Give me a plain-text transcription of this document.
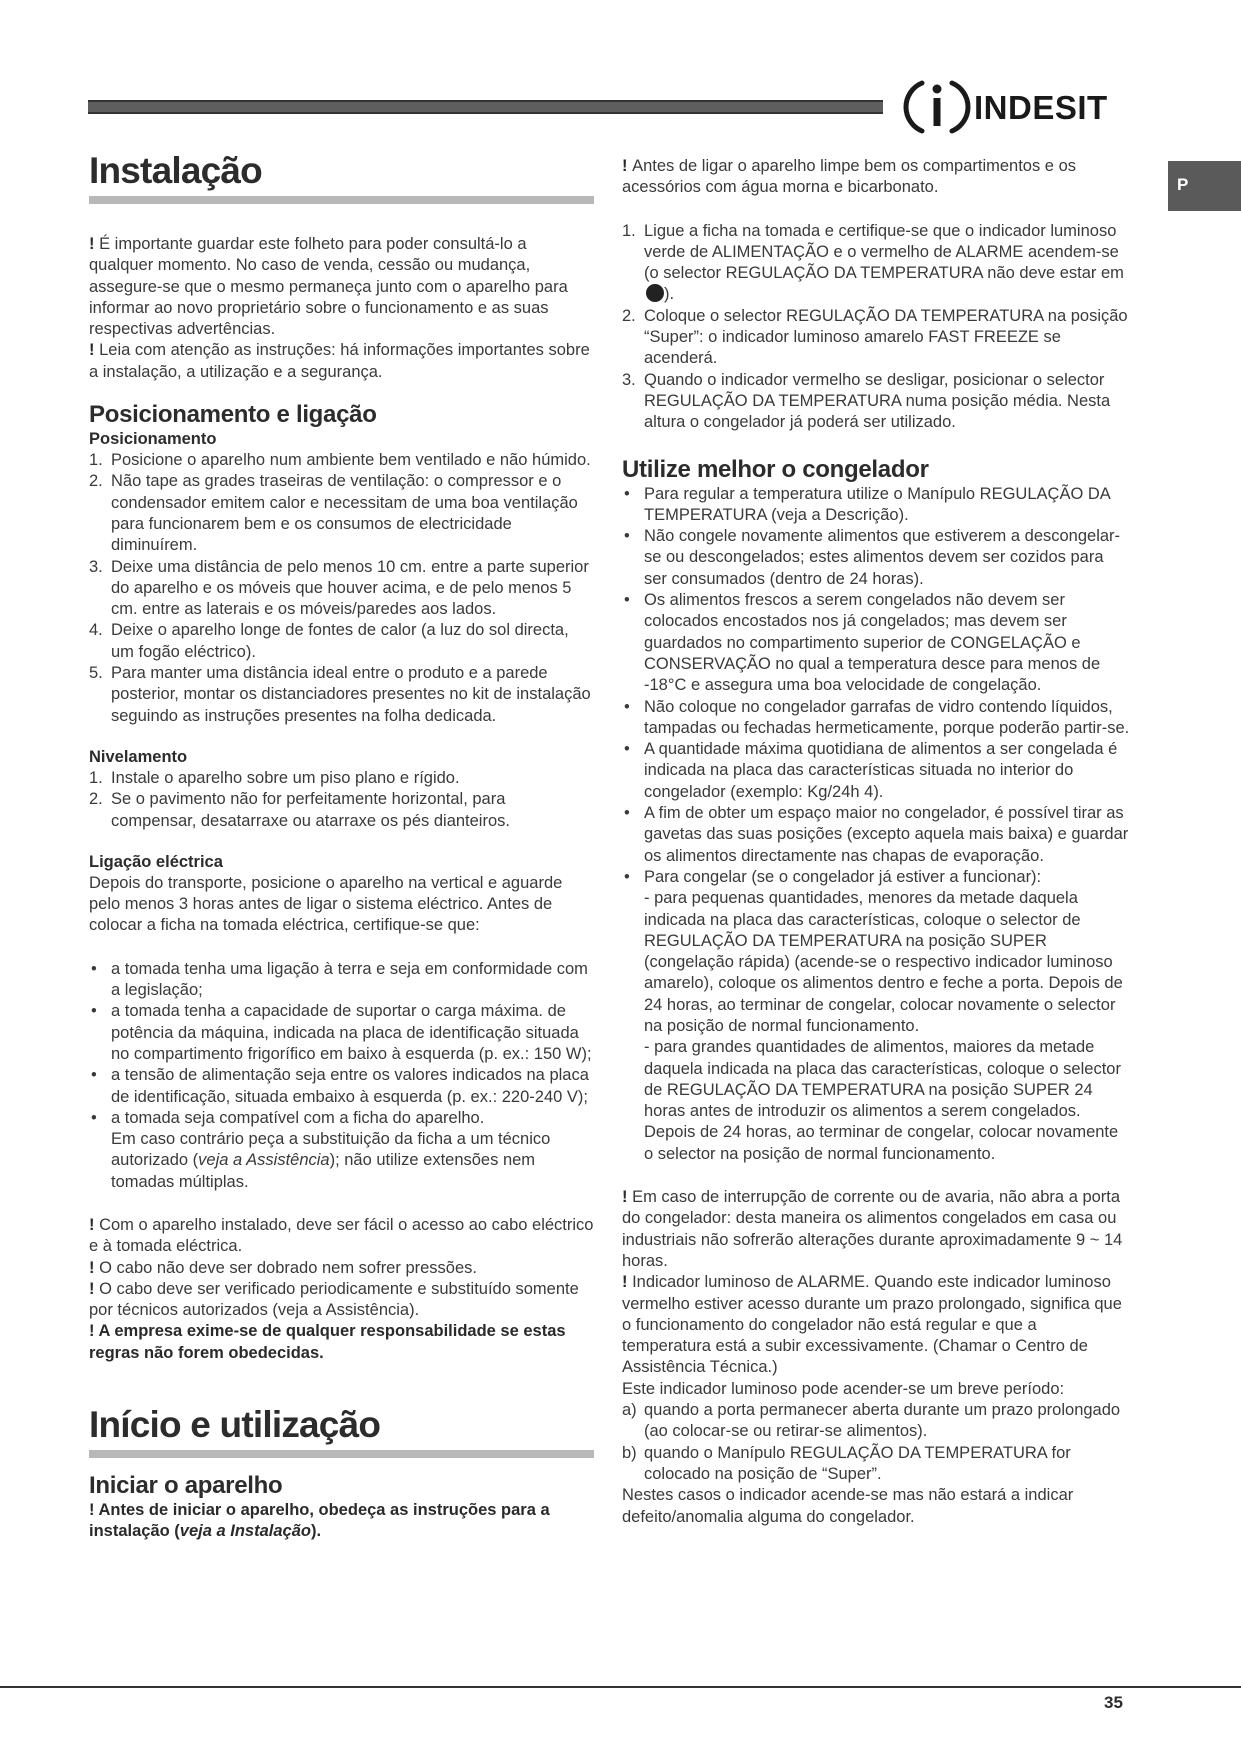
INDESIT
P
Instalação

! É importante guardar este folheto para poder consultá-lo a qualquer momento. No caso de venda, cessão ou mudança, assegure-se que o mesmo permaneça junto com o aparelho para informar ao novo proprietário sobre o funcionamento e as suas respectivas advertências.

! Leia com atenção as instruções: há informações importantes sobre a instalação, a utilização e a segurança.

Posicionamento e ligação
Posicionamento
1. Posicione o aparelho num ambiente bem ventilado e não húmido.
2. Não tape as grades traseiras de ventilação: o compressor e o condensador emitem calor e necessitam de uma boa ventilação para funcionarem bem e os consumos de electricidade diminuírem.
3. Deixe uma distância de pelo menos 10 cm. entre a parte superior do aparelho e os móveis que houver acima, e de pelo menos 5 cm. entre as laterais e os móveis/paredes aos lados.
4. Deixe o aparelho longe de fontes de calor (a luz do sol directa, um fogão eléctrico).
5. Para manter uma distância ideal entre o produto e a parede posterior, montar os distanciadores presentes no kit de instalação seguindo as instruções presentes na folha dedicada.
Nivelamento
1. Instale o aparelho sobre um piso plano e rígido.
2. Se o pavimento não for perfeitamente horizontal, para compensar, desatarraxe ou atarraxe os pés dianteiros.
Ligação eléctrica

Depois do transporte, posicione o aparelho na vertical e aguarde pelo menos 3 horas antes de ligar o sistema eléctrico. Antes de colocar a ficha na tomada eléctrica, certifique-se que:

• a tomada tenha uma ligação à terra e seja em conformidade com a legislação;
• a tomada tenha a capacidade de suportar o carga máxima. de potência da máquina, indicada na placa de identificação situada no compartimento frigorífico em baixo à esquerda (p. ex.: 150 W);
• a tensão de alimentação seja entre os valores indicados na placa de identificação, situada embaixo à esquerda (p. ex.: 220-240 V);
• a tomada seja compatível com a ficha do aparelho.
Em caso contrário peça a substituição da ficha a um técnico autorizado (veja a Assistência); não utilize extensões nem tomadas múltiplas.

! Com o aparelho instalado, deve ser fácil o acesso ao cabo eléctrico e à tomada eléctrica.

! O cabo não deve ser dobrado nem sofrer pressões.

! O cabo deve ser verificado periodicamente e substituído somente por técnicos autorizados (veja a Assistência).

! A empresa exime-se de qualquer responsabilidade se estas regras não forem obedecidas.

Início e utilização
Iniciar o aparelho

! Antes de iniciar o aparelho, obedeça as instruções para a instalação (veja a Instalação).

! Antes de ligar o aparelho limpe bem os compartimentos e os acessórios com água morna e bicarbonato.

1. Ligue a ficha na tomada e certifique-se que o indicador luminoso verde de ALIMENTAÇÃO e o vermelho de ALARME acendem-se (o selector REGULAÇÃO DA TEMPERATURA não deve estar em ).
2. Coloque o selector REGULAÇÃO DA TEMPERATURA na posição “Super”: o indicador luminoso amarelo FAST FREEZE se acenderá.
3. Quando o indicador vermelho se desligar, posicionar o selector REGULAÇÃO DA TEMPERATURA numa posição média. Nesta altura o congelador já poderá ser utilizado.
Utilize melhor o congelador
• Para regular a temperatura utilize o Manípulo REGULAÇÃO DA TEMPERATURA (veja a Descrição).
• Não congele novamente alimentos que estiverem a descongelar-se ou descongelados; estes alimentos devem ser cozidos para ser consumados (dentro de 24 horas).
• Os alimentos frescos a serem congelados não devem ser colocados encostados nos já congelados; mas devem ser guardados no compartimento superior de CONGELAÇÃO e CONSERVAÇÃO no qual a temperatura desce para menos de -18°C e assegura uma boa velocidade de congelação.
• Não coloque no congelador garrafas de vidro contendo líquidos, tampadas ou fechadas hermeticamente, porque poderão partir-se.
• A quantidade máxima quotidiana de alimentos a ser congelada é indicada na placa das características situada no interior do congelador (exemplo: Kg/24h 4).
• A fim de obter um espaço maior no congelador, é possível tirar as gavetas das suas posições (excepto aquela mais baixa) e guardar os alimentos directamente nas chapas de evaporação.
• Para congelar (se o congelador já estiver a funcionar):
- para pequenas quantidades, menores da metade daquela indicada na placa das características, coloque o selector de REGULAÇÃO DA TEMPERATURA na posição SUPER (congelação rápida) (acende-se o respectivo indicador luminoso amarelo), coloque os alimentos dentro e feche a porta. Depois de 24 horas, ao terminar de congelar, colocar novamente o selector na posição de normal funcionamento.
- para grandes quantidades de alimentos, maiores da metade daquela indicada na placa das características, coloque o selector de REGULAÇÃO DA TEMPERATURA na posição SUPER 24 horas antes de introduzir os alimentos a serem congelados. Depois de 24 horas, ao terminar de congelar, colocar novamente o selector na posição de normal funcionamento.

! Em caso de interrupção de corrente ou de avaria, não abra a porta do congelador: desta maneira os alimentos congelados em casa ou industriais não sofrerão alterações durante aproximadamente 9 ~ 14 horas.

! Indicador luminoso de ALARME. Quando este indicador luminoso vermelho estiver acesso durante um prazo prolongado, significa que o funcionamento do congelador não está regular e que a temperatura está a subir excessivamente. (Chamar o Centro de Assistência Técnica.)

Este indicador luminoso pode acender-se um breve período:

a) quando a porta permanecer aberta durante um prazo prolongado (ao colocar-se ou retirar-se alimentos).
b) quando o Manípulo REGULAÇÃO DA TEMPERATURA for colocado na posição de “Super”.

Nestes casos o indicador acende-se mas não estará a indicar defeito/anomalia alguma do congelador.

35
